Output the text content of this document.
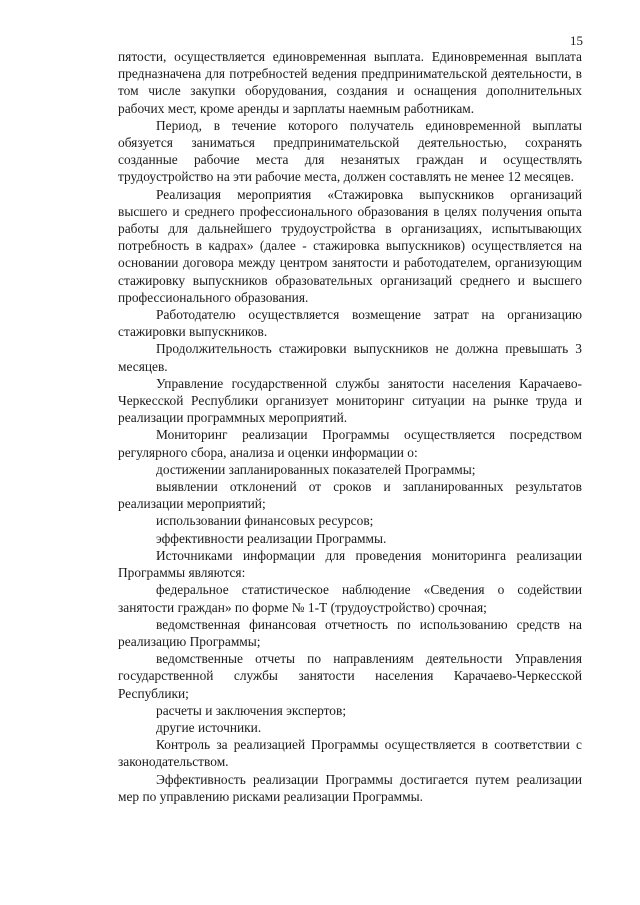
15

пятости, осуществляется единовременная выплата. Единовременная выплата предназначена для потребностей ведения предпринимательской деятельности, в том числе закупки оборудования, создания и оснащения дополнительных рабочих мест, кроме аренды и зарплаты наемным работникам.

Период, в течение которого получатель единовременной выплаты обязуется заниматься предпринимательской деятельностью, сохранять созданные рабочие места для незанятых граждан и осуществлять трудоустройство на эти рабочие места, должен составлять не менее 12 месяцев.

Реализация мероприятия «Стажировка выпускников организаций высшего и среднего профессионального образования в целях получения опыта работы для дальнейшего трудоустройства в организациях, испытывающих потребность в кадрах» (далее - стажировка выпускников) осуществляется на основании договора между центром занятости и работодателем, организующим стажировку выпускников образовательных организаций среднего и высшего профессионального образования.

Работодателю осуществляется возмещение затрат на организацию стажировки выпускников.

Продолжительность стажировки выпускников не должна превышать 3 месяцев.

Управление государственной службы занятости населения Карачаево-Черкесской Республики организует мониторинг ситуации на рынке труда и реализации программных мероприятий.

Мониторинг реализации Программы осуществляется посредством регулярного сбора, анализа и оценки информации о:

достижении запланированных показателей Программы;

выявлении отклонений от сроков и запланированных результатов реализации мероприятий;

использовании финансовых ресурсов;

эффективности реализации Программы.

Источниками информации для проведения мониторинга реализации Программы являются:

федеральное статистическое наблюдение «Сведения о содействии занятости граждан» по форме № 1-Т (трудоустройство) срочная;

ведомственная финансовая отчетность по использованию средств на реализацию Программы;

ведомственные отчеты по направлениям деятельности Управления государственной службы занятости населения Карачаево-Черкесской Республики;

расчеты и заключения экспертов;

другие источники.

Контроль за реализацией Программы осуществляется в соответствии с законодательством.

Эффективность реализации Программы достигается путем реализации мер по управлению рисками реализации Программы.
